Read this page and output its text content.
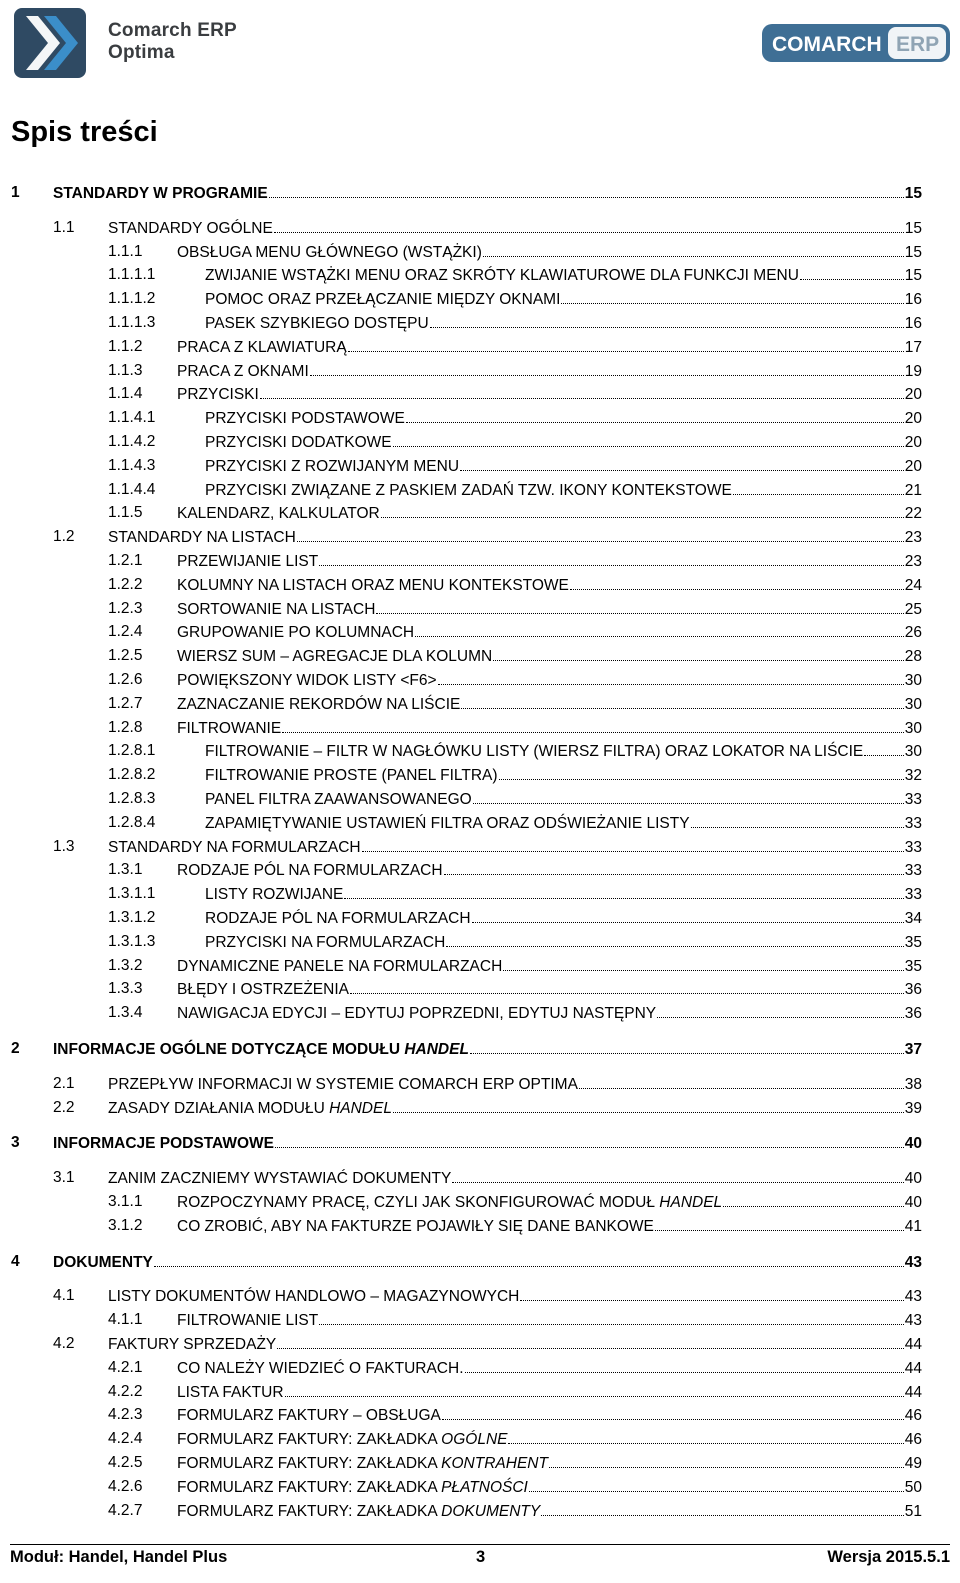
Comarch ERP
Optima	COMARCH ERP
Spis treści
1 STANDARDY W PROGRAMIE	15
1.1 STANDARDY OGÓLNE	15
1.1.1 OBSŁUGA MENU GŁÓWNEGO (WSTĄŻKI)	15
1.1.1.1	ZWIJANIE WSTĄŻKI MENU ORAZ SKRÓTY KLAWIATUROWE DLA FUNKCJI MENU	15
1.1.1.2	POMOC ORAZ PRZEŁĄCZANIE MIĘDZY OKNAMI	16
1.1.1.3	PASEK SZYBKIEGO DOSTĘPU	16
1.1.2 PRACA Z KLAWIATURĄ	17
1.1.3 PRACA Z OKNAMI	19
1.1.4 PRZYCISKI	20
1.1.4.1	PRZYCISKI PODSTAWOWE	20
1.1.4.2	PRZYCISKI DODATKOWE	20
1.1.4.3	PRZYCISKI Z ROZWIJANYM MENU	20
1.1.4.4	PRZYCISKI ZWIĄZANE Z PASKIEM ZADAŃ TZW. IKONY KONTEKSTOWE	21
1.1.5 KALENDARZ, KALKULATOR	22
1.2 STANDARDY NA LISTACH	23
1.2.1 PRZEWIJANIE LIST	23
1.2.2 KOLUMNY NA LISTACH ORAZ MENU KONTEKSTOWE	24
1.2.3 SORTOWANIE NA LISTACH	25
1.2.4 GRUPOWANIE PO KOLUMNACH	26
1.2.5 WIERSZ SUM – AGREGACJE DLA KOLUMN	28
1.2.6 POWIĘKSZONY WIDOK LISTY <F6>	30
1.2.7 ZAZNACZANIE REKORDÓW NA LIŚCIE	30
1.2.8 FILTROWANIE	30
1.2.8.1	FILTROWANIE – FILTR W NAGŁÓWKU LISTY (WIERSZ FILTRA) ORAZ LOKATOR NA LIŚCIE	30
1.2.8.2	FILTROWANIE PROSTE (PANEL FILTRA)	32
1.2.8.3	PANEL FILTRA ZAAWANSOWANEGO	33
1.2.8.4	ZAPAMIĘTYWANIE USTAWIEŃ FILTRA ORAZ ODŚWIEŻANIE LISTY	33
1.3 STANDARDY NA FORMULARZACH	33
1.3.1 RODZAJE PÓL NA FORMULARZACH	33
1.3.1.1	LISTY ROZWIJANE	33
1.3.1.2	RODZAJE PÓL NA FORMULARZACH	34
1.3.1.3	PRZYCISKI NA FORMULARZACH	35
1.3.2 DYNAMICZNE PANELE NA FORMULARZACH	35
1.3.3 BŁĘDY I OSTRZEŻENIA	36
1.3.4 NAWIGACJA EDYCJI – EDYTUJ POPRZEDNI, EDYTUJ NASTĘPNY	36
2 INFORMACJE OGÓLNE DOTYCZĄCE MODUŁU HANDEL	37
2.1 PRZEPŁYW INFORMACJI W SYSTEMIE COMARCH ERP OPTIMA	38
2.2 ZASADY DZIAŁANIA MODUŁU HANDEL	39
3 INFORMACJE PODSTAWOWE	40
3.1 ZANIM ZACZNIEMY WYSTAWIAĆ DOKUMENTY	40
3.1.1 ROZPOCZYNAMY PRACĘ, CZYLI JAK SKONFIGUROWAĆ MODUŁ HANDEL	40
3.1.2 CO ZROBIĆ, ABY NA FAKTURZE POJAWIŁY SIĘ DANE BANKOWE	41
4 DOKUMENTY	43
4.1 LISTY DOKUMENTÓW HANDLOWO – MAGAZYNOWYCH	43
4.1.1 FILTROWANIE LIST	43
4.2 FAKTURY SPRZEDAŻY	44
4.2.1 CO NALEŻY WIEDZIEĆ O FAKTURACH.	44
4.2.2 LISTA FAKTUR	44
4.2.3 FORMULARZ FAKTURY – OBSŁUGA	46
4.2.4 FORMULARZ FAKTURY: ZAKŁADKA OGÓLNE	46
4.2.5 FORMULARZ FAKTURY: ZAKŁADKA KONTRAHENT	49
4.2.6 FORMULARZ FAKTURY: ZAKŁADKA PŁATNOŚCI	50
4.2.7 FORMULARZ FAKTURY: ZAKŁADKA DOKUMENTY	51
Moduł: Handel, Handel Plus	3	Wersja 2015.5.1
